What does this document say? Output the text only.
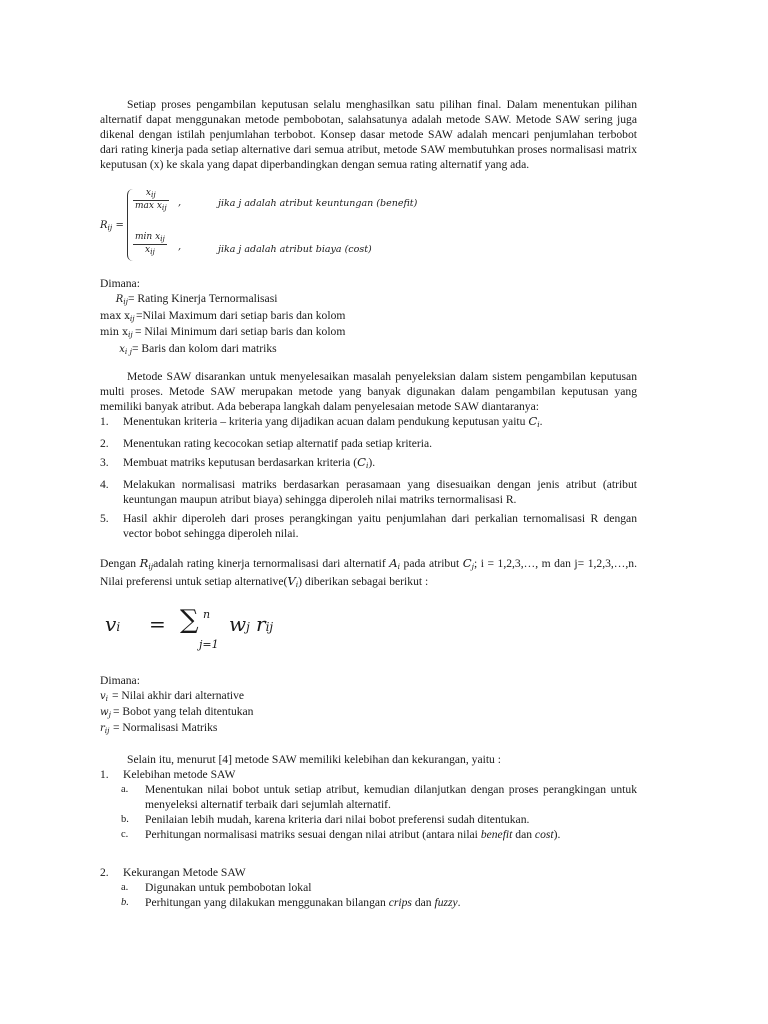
Setiap proses pengambilan keputusan selalu menghasilkan satu pilihan final. Dalam menentukan pilihan alternatif dapat menggunakan metode pembobotan, salahsatunya adalah metode SAW. Metode SAW sering juga dikenal dengan istilah penjumlahan terbobot. Konsep dasar metode SAW adalah mencari penjumlahan terbobot dari rating kinerja pada setiap alternative dari semua atribut, metode SAW membutuhkan proses normalisasi matrix keputusan (x) ke skala yang dapat diperbandingkan dengan semua rating alternatif yang ada.

$R_{ij}$ =
$x_{ij}$
$\max x_{ij}$ ,	jika j adalah atribut keuntungan (benefit)
$\min x_{ij}$
$x_{ij}$	,	jika j adalah atribut biaya (cost)
Dimana:
$R_{ij}$ = Rating Kinerja Ternormalisasi
$\max x_{ij}$ =Nilai Maximum dari setiap baris dan kolom
$\min x_{ij}$ = Nilai Minimum dari setiap baris dan kolom
$x_{i j}$ = Baris dan kolom dari matriks

Metode SAW disarankan untuk menyelesaikan masalah penyeleksian dalam sistem pengambilan keputusan multi proses. Metode SAW merupakan metode yang banyak digunakan dalam pengambilan keputusan yang memiliki banyak atribut. Ada beberapa langkah dalam penyelesaian metode SAW diantaranya:

1. Menentukan kriteria – kriteria yang dijadikan acuan dalam pendukung keputusan yaitu $C_i$.
2. Menentukan rating kecocokan setiap alternatif pada setiap kriteria.
3. Membuat matriks keputusan berdasarkan kriteria $(C_i)$.
4. Melakukan normalisasi matriks berdasarkan perasamaan yang disesuaikan dengan jenis atribut (atribut keuntungan maupun atribut biaya) sehingga diperoleh nilai matriks ternormalisasi R.
5. Hasil akhir diperoleh dari proses perangkingan yaitu penjumlahan dari perkalian ternomalisasi R dengan vector bobot sehingga diperoleh nilai.

Dengan $R_{ij}adalah$ rating kinerja ternormalisasi dari alternatif $A_i$ pada atribut $C_j$; i = 1,2,3,…, m dan j= 1,2,3,…,n. Nilai preferensi untuk setiap $alternative(V_i)$ diberikan sebagai berikut :

vi = ∑ n
j=1
wj rij
Dimana:
$v_i$ = Nilai akhir dari alternative
$w_j$ = Bobot yang telah ditentukan
$r_{ij}$ = Normalisasi Matriks

Selain itu, menurut [4] metode SAW memiliki kelebihan dan kekurangan, yaitu :

1. Kelebihan metode SAW
a. Menentukan nilai bobot untuk setiap atribut, kemudian dilanjutkan dengan proses perangkingan untuk menyeleksi alternatif terbaik dari sejumlah alternatif.
b. Penilaian lebih mudah, karena kriteria dari nilai bobot preferensi sudah ditentukan.
c. Perhitungan normalisasi matriks sesuai dengan nilai atribut (antara nilai benefit dan cost).
2. Kekurangan Metode SAW
a. Digunakan untuk pembobotan lokal
b. Perhitungan yang dilakukan menggunakan bilangan crips dan fuzzy.
